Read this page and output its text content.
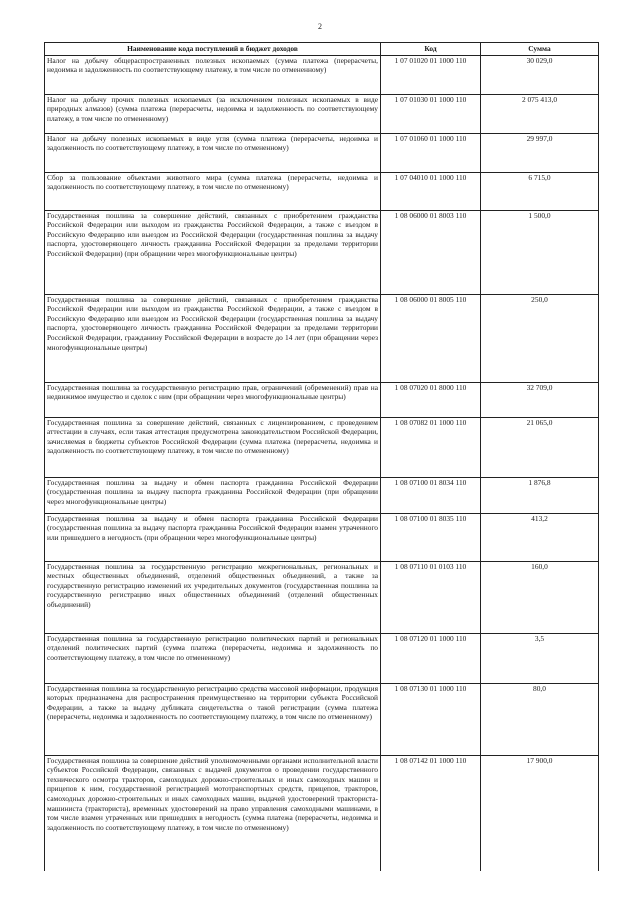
2
Наименование кода поступлений в бюджет доходов	Код	Сумма
Налог на добычу общераспространенных полезных ископаемых (сумма платежа (перерасчеты, недоимка и задолженность по соответствующему платежу, в том числе по отмененному)	1 07 01020 01 1000 110	30 029,0
Налог на добычу прочих полезных ископаемых (за исключением полезных ископаемых в виде природных алмазов) (сумма платежа (перерасчеты, недоимка и задолженность по соответствующему платежу, в том числе по отмененному)	1 07 01030 01 1000 110	2 075 413,0
Налог на добычу полезных ископаемых в виде угля (сумма платежа (перерасчеты, недоимка и задолженность по соответствующему платежу, в том числе по отмененному)	1 07 01060 01 1000 110	29 997,0
Сбор за пользование объектами животного мира (сумма платежа (перерасчеты, недоимка и задолженность по соответствующему платежу, в том числе по отмененному)	1 07 04010 01 1000 110	6 715,0
Государственная пошлина за совершение действий, связанных с приобретением гражданства Российской Федерации или выходом из гражданства Российской Федерации, а также с въездом в Российскую Федерацию или выездом из Российской Федерации (государственная пошлина за выдачу паспорта, удостоверяющего личность гражданина Российской Федерации за пределами территории Российской Федерации) (при обращении через многофункциональные центры)	1 08 06000 01 8003 110	1 500,0
Государственная пошлина за совершение действий, связанных с приобретением гражданства Российской Федерации или выходом из гражданства Российской Федерации, а также с въездом в Российскую Федерацию или выездом из Российской Федерации (государственная пошлина за выдачу паспорта, удостоверяющего личность гражданина Российской Федерации за пределами территории Российской Федерации, гражданину Российской Федерации в возрасте до 14 лет (при обращении через многофункциональные центры)	1 08 06000 01 8005 110	250,0
Государственная пошлина за государственную регистрацию прав, ограничений (обременений) прав на недвижимое имущество и сделок с ним (при обращении через многофункциональные центры)	1 08 07020 01 8000 110	32 709,0
Государственная пошлина за совершение действий, связанных с лицензированием, с проведением аттестации в случаях, если такая аттестация предусмотрена законодательством Российской Федерации, зачисляемая в бюджеты субъектов Российской Федерации (сумма платежа (перерасчеты, недоимка и задолженность по соответствующему платежу, в том числе по отмененному)	1 08 07082 01 1000 110	21 065,0
Государственная пошлина за выдачу и обмен паспорта гражданина Российской Федерации (государственная пошлина за выдачу паспорта гражданина Российской Федерации (при обращении через многофункциональные центры)	1 08 07100 01 8034 110	1 876,8
Государственная пошлина за выдачу и обмен паспорта гражданина Российской Федерации (государственная пошлина за выдачу паспорта гражданина Российской Федерации взамен утраченного или пришедшего в негодность (при обращении через многофункциональные центры)	1 08 07100 01 8035 110	413,2
Государственная пошлина за государственную регистрацию межрегиональных, региональных и местных общественных объединений, отделений общественных объединений, а также за государственную регистрацию изменений их учредительных документов (государственная пошлина за государственную регистрацию иных общественных объединений (отделений общественных объединений)	1 08 07110 01 0103 110	160,0
Государственная пошлина за государственную регистрацию политических партий и региональных отделений политических партий (сумма платежа (перерасчеты, недоимка и задолженность по соответствующему платежу, в том числе по отмененному)	1 08 07120 01 1000 110	3,5
Государственная пошлина за государственную регистрацию средства массовой информации, продукция которых предназначена для распространения преимущественно на территории субъекта Российской Федерации, а также за выдачу дубликата свидетельства о такой регистрации (сумма платежа (перерасчеты, недоимка и задолженность по соответствующему платежу, в том числе по отмененному)	1 08 07130 01 1000 110	80,0

Государственная пошлина за совершение действий уполномоченными органами исполнительной власти субъектов Российской Федерации, связанных с выдачей документов о проведении государственного технического осмотра тракторов, самоходных дорожно-строительных и иных самоходных машин и прицепов к ним, государственной регистрацией мототранспортных средств, прицепов, тракторов, самоходных дорожно-строительных и иных самоходных машин, выдачей удостоверений тракториста-машиниста (тракториста), временных удостоверений на право управления самоходными машинами, в том числе взамен утраченных или пришедших в негодность (сумма платежа (перерасчеты, недоимка и задолженность по соответствующему платежу, в том числе по отмененному)	1 08 07142 01 1000 110	17 900,0
